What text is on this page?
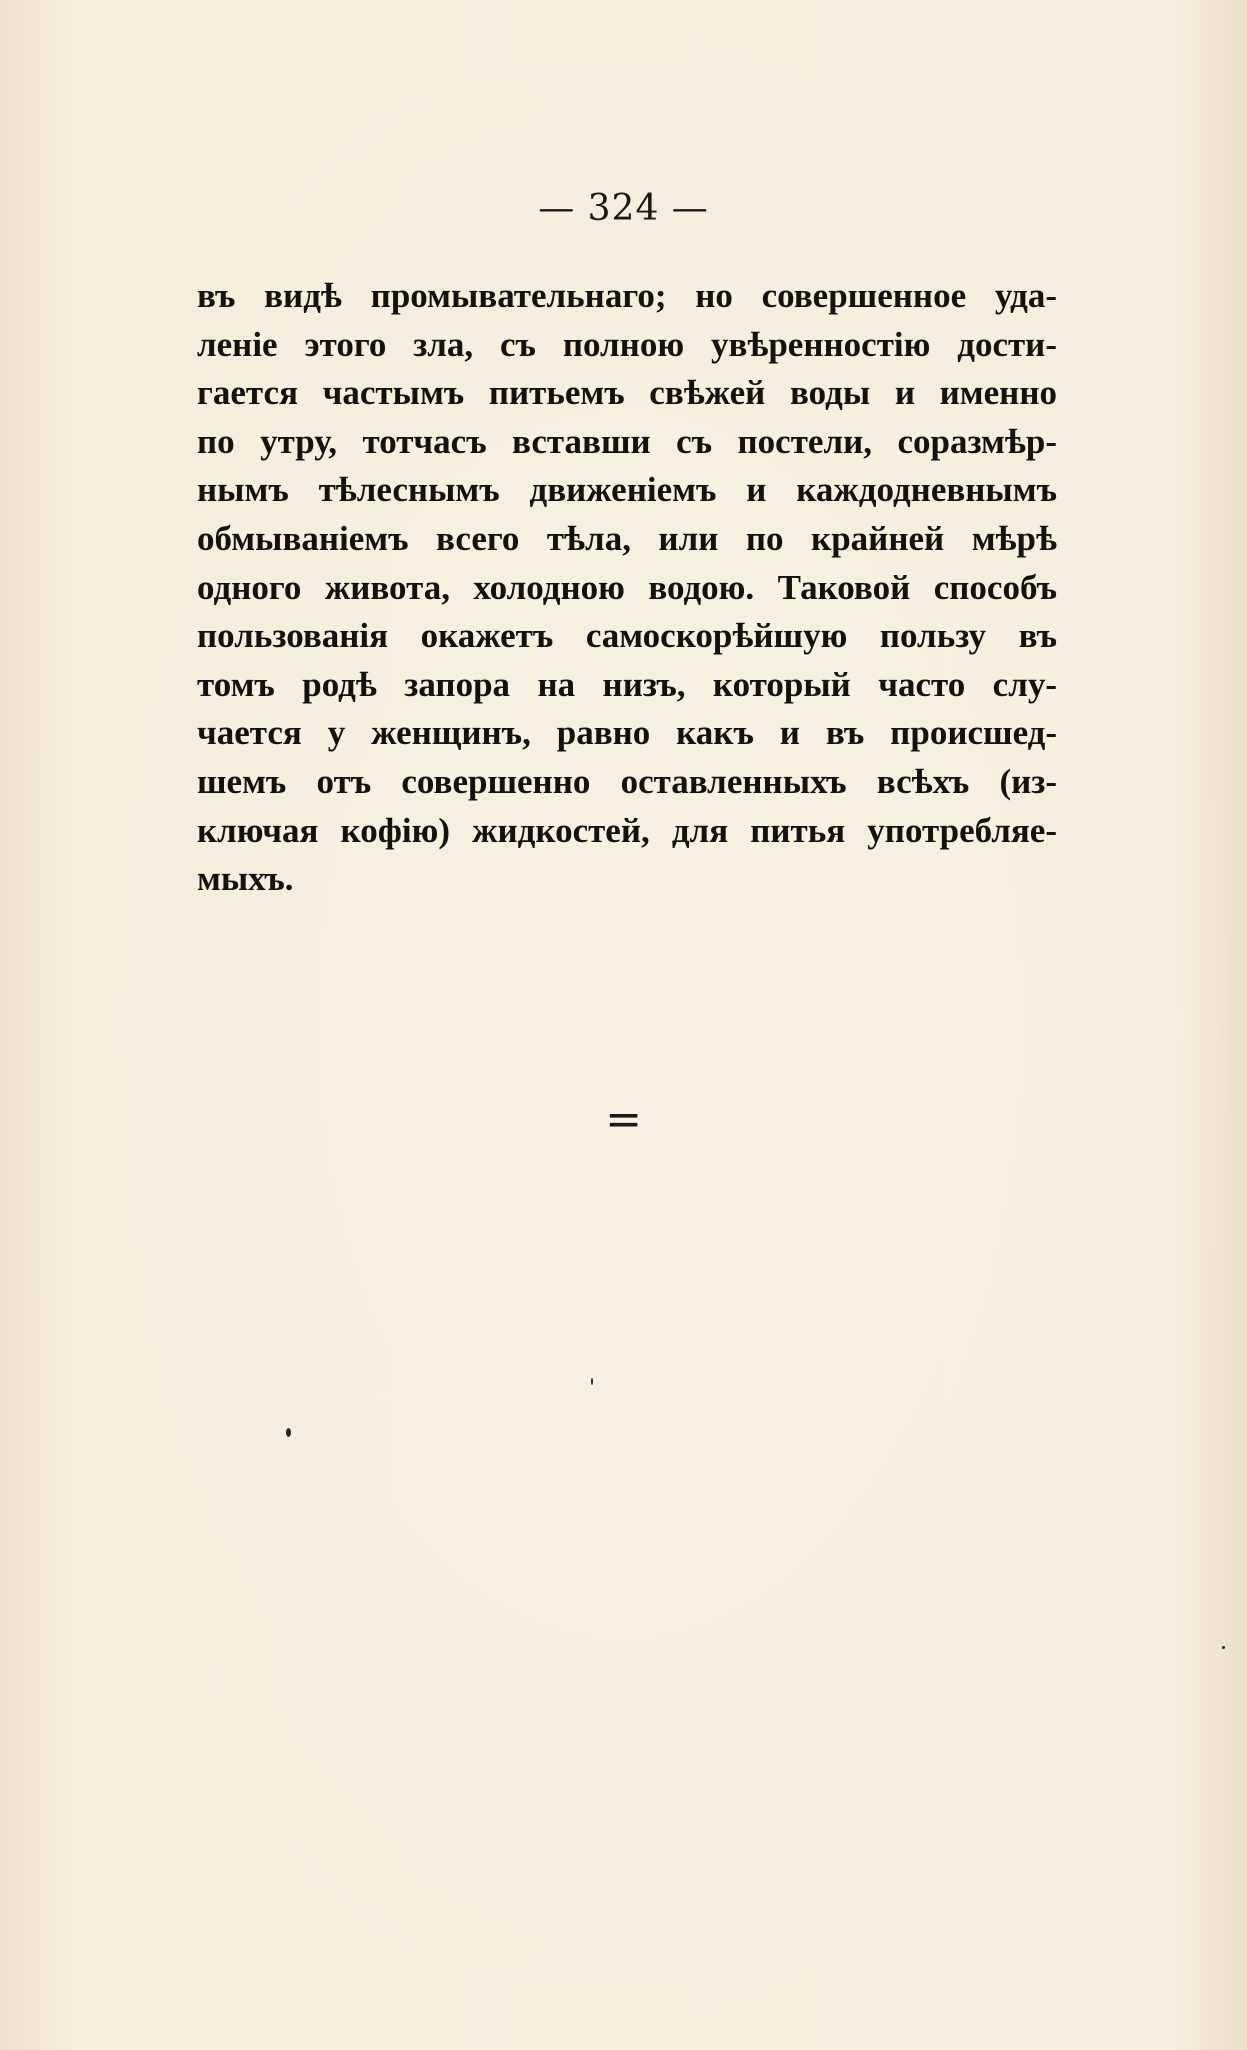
— 324 —
въ видѣ промывательнаго; но совершенное уда-
леніе этого зла, съ полною увѣренностію дости-
гается частымъ питьемъ свѣжей воды и именно
по утру, тотчасъ вставши съ постели, соразмѣр-
нымъ тѣлеснымъ движеніемъ и каждодневнымъ
обмываніемъ всего тѣла, или по крайней мѣрѣ
одного живота, холодною водою. Таковой способъ
пользованія окажетъ самоскорѣйшую пользу въ
томъ родѣ запора на низъ, который часто слу-
чается у женщинъ, равно какъ и въ происшед-
шемъ отъ совершенно оставленныхъ всѣхъ (из-
ключая кофію) жидкостей, для питья употребляе-
мыхъ.
=
